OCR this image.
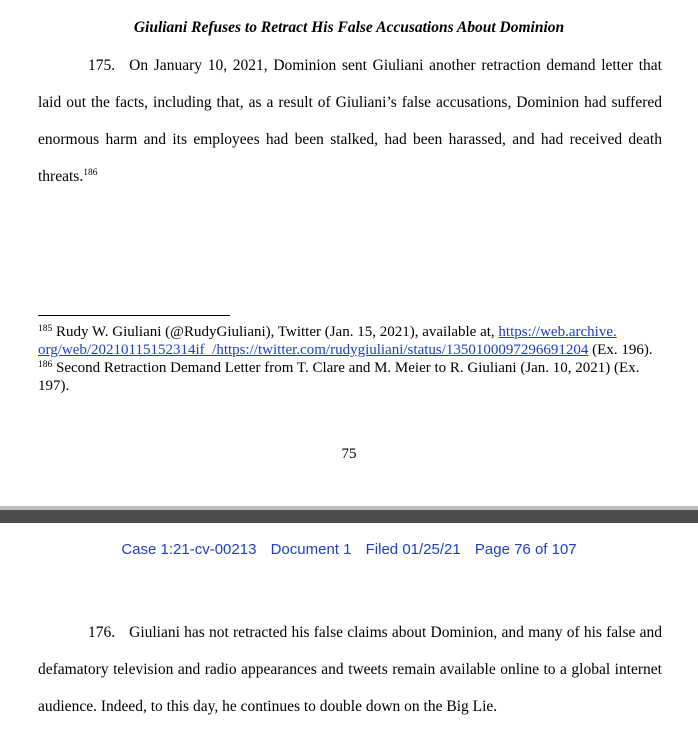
Giuliani Refuses to Retract His False Accusations About Dominion
175. On January 10, 2021, Dominion sent Giuliani another retraction demand letter that laid out the facts, including that, as a result of Giuliani’s false accusations, Dominion had suffered enormous harm and its employees had been stalked, had been harassed, and had received death threats.$^{186}$

$^{185}$ Rudy W. Giuliani (@RudyGiuliani), Twitter (Jan. 15, 2021), available at, https://web.archive.
org/web/20210115152314if_/https://twitter.com/rudygiuliani/status/1350100097296691204 (Ex. 196).

$^{186}$ Second Retraction Demand Letter from T. Clare and M. Meier to R. Giuliani (Jan. 10, 2021) (Ex. 197).

75
Case 1:21-cv-00213 Document 1 Filed 01/25/21 Page 76 of 107
176. Giuliani has not retracted his false claims about Dominion, and many of his false and defamatory television and radio appearances and tweets remain available online to a global internet audience. Indeed, to this day, he continues to double down on the Big Lie.
